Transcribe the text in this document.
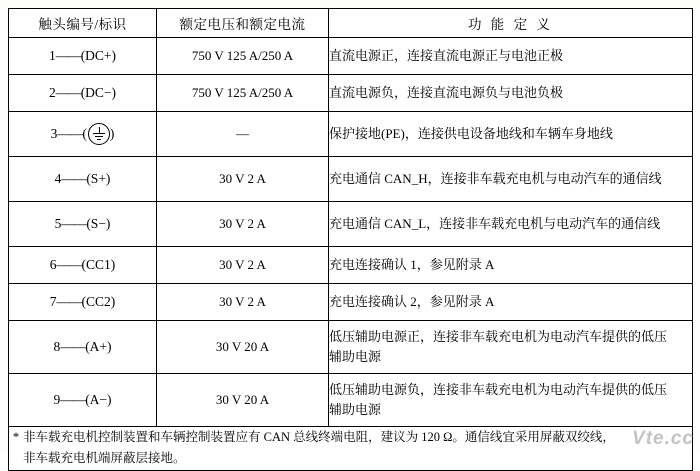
触头编号/标识	额定电压和额定电流	功 能 定 义
1——(DC+)	750 V 125 A/250 A	直流电源正，连接直流电源正与电池正极

2——(DC−)	750 V 125 A/250 A	直流电源负，连接直流电源负与电池负极

3—— ( )	—	保护接地(PE)，连接供电设备地线和车辆车身地线

4——(S+)	30 V 2 A	充电通信 CAN_H，连接非车载充电机与电动汽车的通信线

5——(S−)	30 V 2 A	充电通信 CAN_L，连接非车载充电机与电动汽车的通信线

6——(CC1)	30 V 2 A	充电连接确认 1，参见附录 A

7——(CC2)	30 V 2 A	充电连接确认 2，参见附录 A

8——(A+)	30 V 20 A	低压辅助电源正，连接非车载充电机为电动汽车提供的低压
辅助电源

9——(A−)	30 V 20 A	低压辅助电源负，连接非车载充电机为电动汽车提供的低压
辅助电源

* 非车载充电机控制装置和车辆控制装置应有 CAN 总线终端电阻，建议为 120 Ω。通信线宜采用屏蔽双绞线，
非车载充电机端屏蔽层接地。		
Vte.cc
